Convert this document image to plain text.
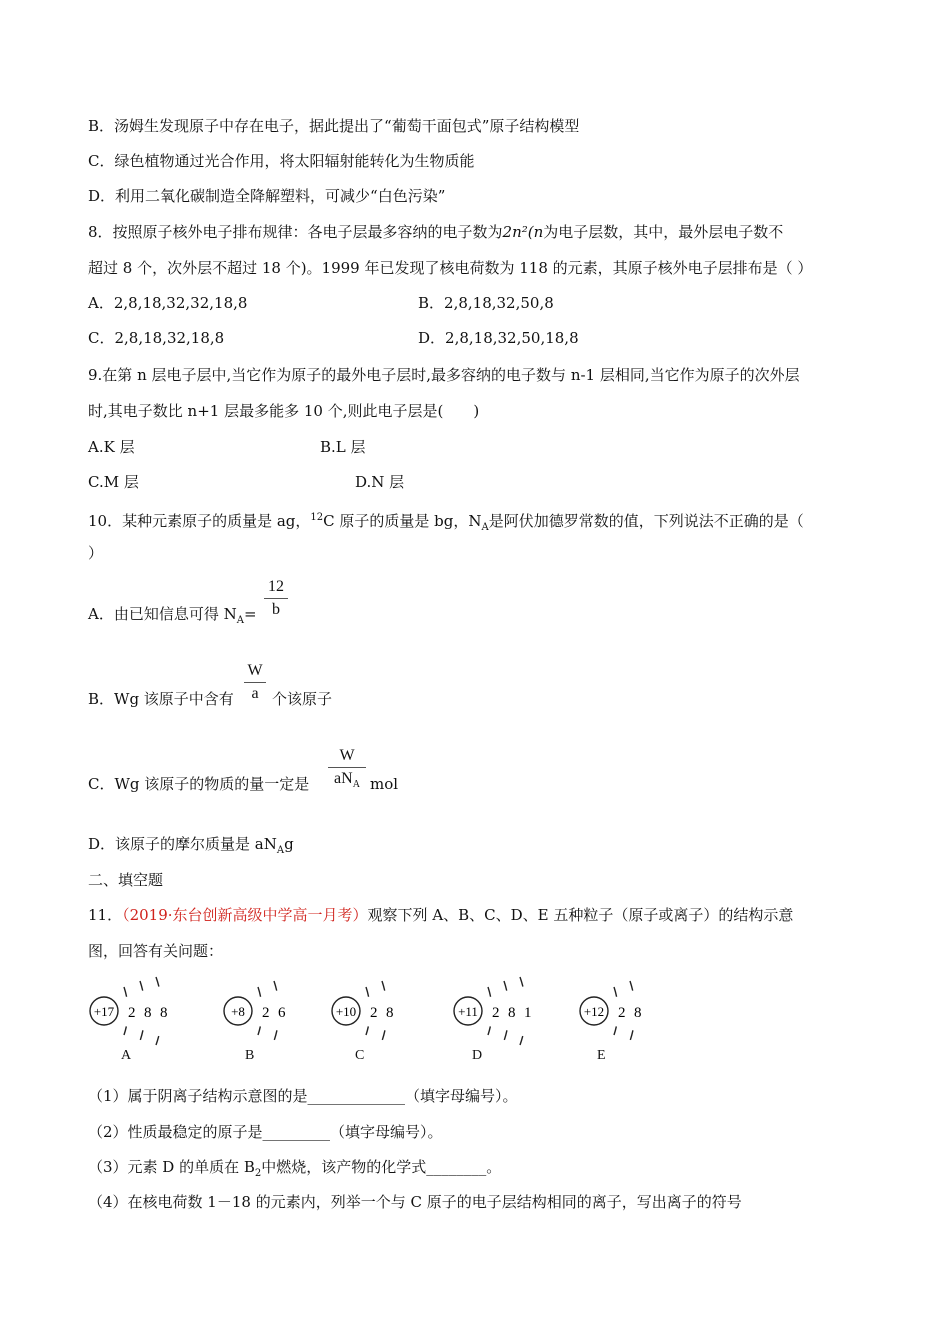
B．汤姆生发现原子中存在电子，据此提出了“葡萄干面包式”原子结构模型
C．绿色植物通过光合作用，将太阳辐射能转化为生物质能
D．利用二氧化碳制造全降解塑料，可减少“白色污染”
8．按照原子核外电子排布规律：各电子层最多容纳的电子数为2n²(n为电子层数，其中，最外层电子数不
超过 8 个，次外层不超过 18 个)。1999 年已发现了核电荷数为 118 的元素，其原子核外电子层排布是（ ）
A．2,8,18,32,32,18,8	B．2,8,18,32,50,8
C．2,8,18,32,18,8	D．2,8,18,32,50,18,8
9.在第 n 层电子层中,当它作为原子的最外电子层时,最多容纳的电子数与 n-1 层相同,当它作为原子的次外层
时,其电子数比 n+1 层最多能多 10 个,则此电子层是(　　)
A.K 层	B.L 层
C.M 层	D.N 层
10．某种元素原子的质量是 ag，$^{12}$C 原子的质量是 bg，$N_A$是阿伏加德罗常数的值，下列说法不正确的是（
）
A．由已知信息可得 $N_A=$
12
b
B．Wg 该原子中含有
W
a 个该原子
C．Wg 该原子的物质的量一定是
W
$aN_A$ mol
D．该原子的摩尔质量是 $aN_Ag$
二、填空题
11．（2019·东台创新高级中学高一月考）观察下列 A、B、C、D、E 五种粒子（原子或离子）的结构示意
图，回答有关问题：
+17 2 8 8
A
+8 2 6
B
+10 2 8
C
+11 2 8 1
D
+12 2 8
E
（1）属于阴离子结构示意图的是_____________（填字母编号）。
（2）性质最稳定的原子是_________（填字母编号）。
（3）元素 D 的单质在 $B_2$中燃烧，该产物的化学式________。
（4）在核电荷数 1－18 的元素内，列举一个与 C 原子的电子层结构相同的离子，写出离子的符号
